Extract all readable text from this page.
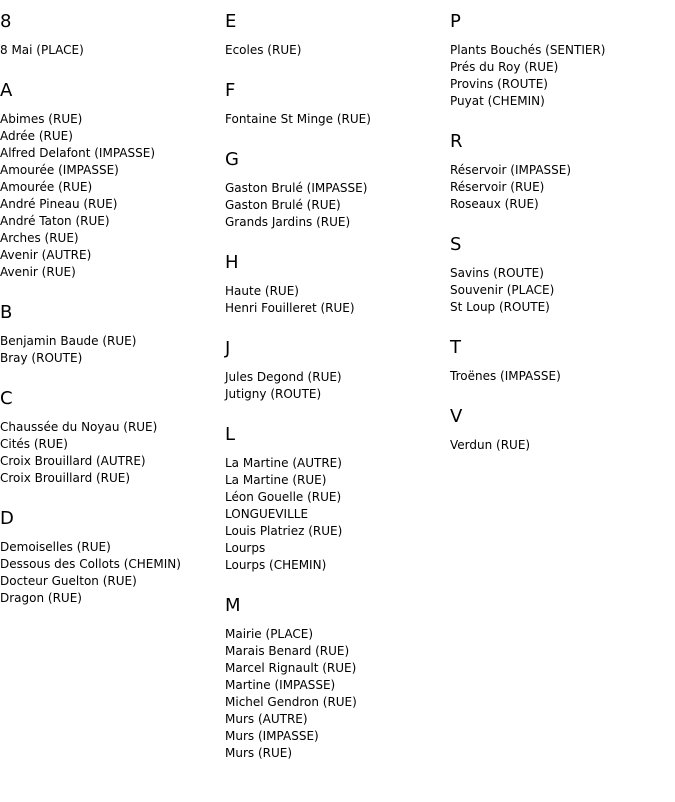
8
8 Mai (PLACE)
A
Abimes (RUE)
Adrée (RUE)
Alfred Delafont (IMPASSE)
Amourée (IMPASSE)
Amourée (RUE)
André Pineau (RUE)
André Taton (RUE)
Arches (RUE)
Avenir (AUTRE)
Avenir (RUE)
B
Benjamin Baude (RUE)
Bray (ROUTE)
C
Chaussée du Noyau (RUE)
Cités (RUE)
Croix Brouillard (AUTRE)
Croix Brouillard (RUE)
D
Demoiselles (RUE)
Dessous des Collots (CHEMIN)
Docteur Guelton (RUE)
Dragon (RUE)
E
Ecoles (RUE)
F
Fontaine St Minge (RUE)
G
Gaston Brulé (IMPASSE)
Gaston Brulé (RUE)
Grands Jardins (RUE)
H
Haute (RUE)
Henri Fouilleret (RUE)
J
Jules Degond (RUE)
Jutigny (ROUTE)
L
La Martine (AUTRE)
La Martine (RUE)
Léon Gouelle (RUE)
LONGUEVILLE
Louis Platriez (RUE)
Lourps
Lourps (CHEMIN)
M
Mairie (PLACE)
Marais Benard (RUE)
Marcel Rignault (RUE)
Martine (IMPASSE)
Michel Gendron (RUE)
Murs (AUTRE)
Murs (IMPASSE)
Murs (RUE)
P
Plants Bouchés (SENTIER)
Prés du Roy (RUE)
Provins (ROUTE)
Puyat (CHEMIN)
R
Réservoir (IMPASSE)
Réservoir (RUE)
Roseaux (RUE)
S
Savins (ROUTE)
Souvenir (PLACE)
St Loup (ROUTE)
T
Troënes (IMPASSE)
V
Verdun (RUE)
